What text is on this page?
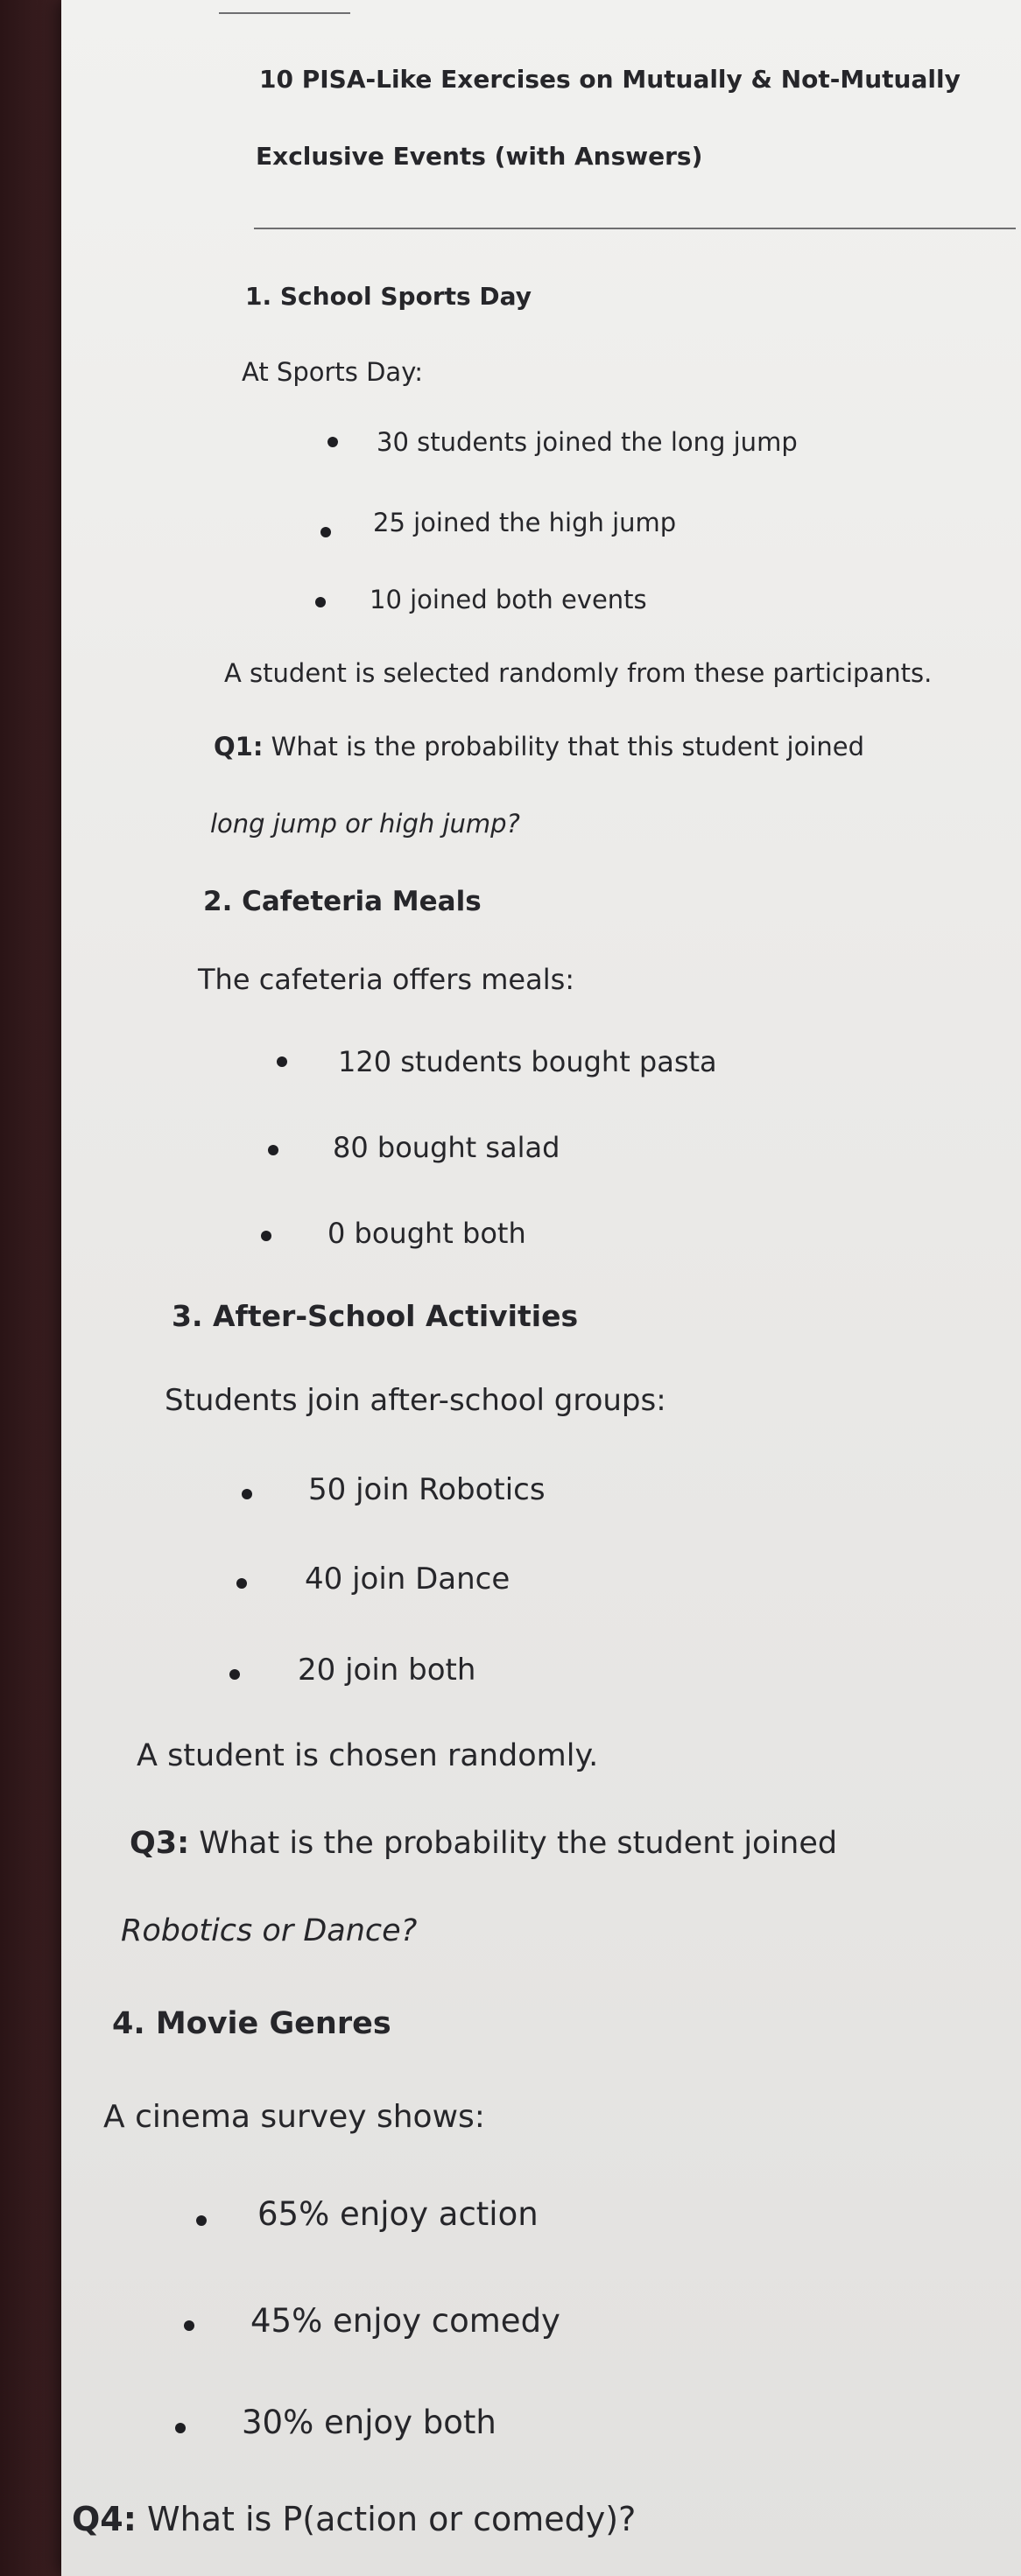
10 PISA-Like Exercises on Mutually & Not-Mutually

Exclusive Events (with Answers)

1. School Sports Day

At Sports Day:

30 students joined the long jump

25 joined the high jump

10 joined both events

A student is selected randomly from these participants.

Q1: What is the probability that this student joined

long jump or high jump?

2. Cafeteria Meals

The cafeteria offers meals:

120 students bought pasta

80 bought salad

0 bought both

3. After-School Activities

Students join after-school groups:

50 join Robotics

40 join Dance

20 join both

A student is chosen randomly.

Q3: What is the probability the student joined

Robotics or Dance?

4. Movie Genres

A cinema survey shows:

65% enjoy action

45% enjoy comedy

30% enjoy both

Q4: What is P(action or comedy)?
